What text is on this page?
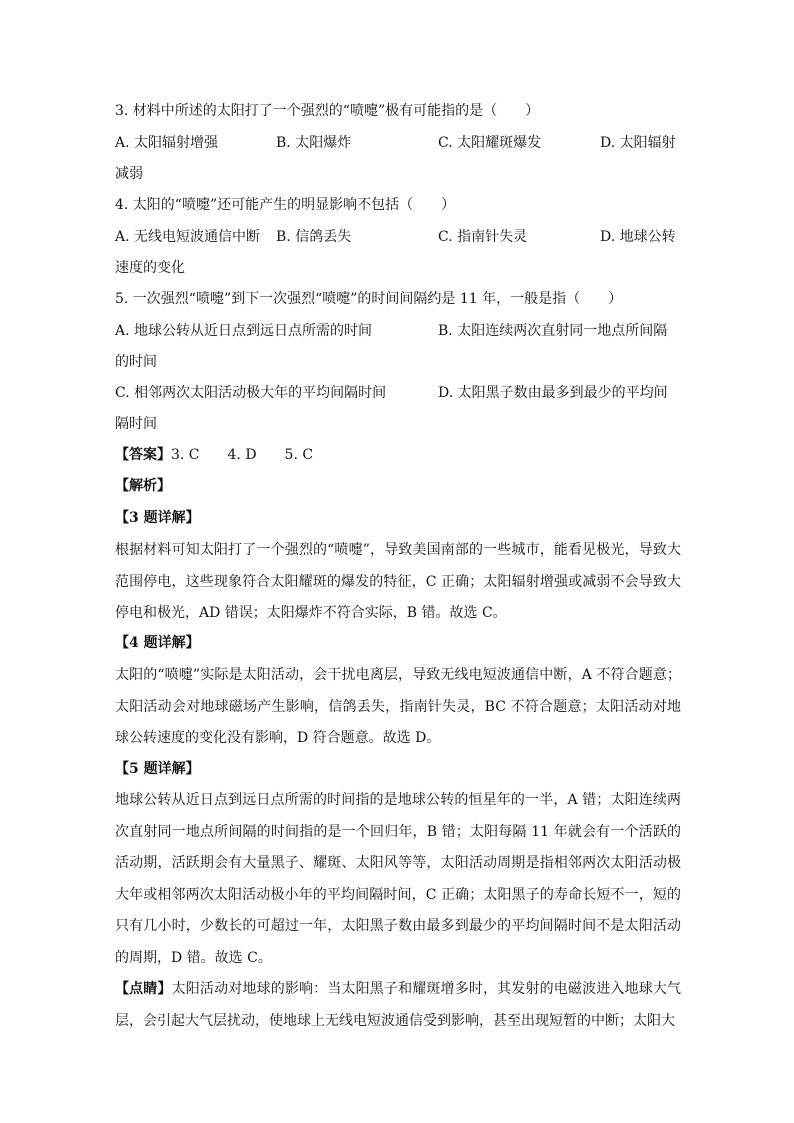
3. 材料中所述的太阳打了一个强烈的“喷嚏”极有可能指的是（　　）
A. 太阳辐射增强	B. 太阳爆炸	C. 太阳耀斑爆发	D. 太阳辐射
减弱
4. 太阳的“喷嚏”还可能产生的明显影响不包括（　　）
A. 无线电短波通信中断 B. 信鸽丢失	C. 指南针失灵	D. 地球公转
速度的变化
5. 一次强烈“喷嚏”到下一次强烈“喷嚏”的时间间隔约是 11 年，一般是指（　　）
A. 地球公转从近日点到远日点所需的时间	B. 太阳连续两次直射同一地点所间隔
的时间
C. 相邻两次太阳活动极大年的平均间隔时间	D. 太阳黑子数由最多到最少的平均间
隔时间
【答案】3. C　　4. D　　5. C
【解析】
【3 题详解】
根据材料可知太阳打了一个强烈的“喷嚏”，导致美国南部的一些城市，能看见极光，导致大范围停电，这些现象符合太阳耀斑的爆发的特征，C 正确；太阳辐射增强或减弱不会导致大停电和极光，AD 错误；太阳爆炸不符合实际，B 错。故选 C。
【4 题详解】
太阳的“喷嚏”实际是太阳活动，会干扰电离层，导致无线电短波通信中断，A 不符合题意；太阳活动会对地球磁场产生影响，信鸽丢失，指南针失灵，BC 不符合题意；太阳活动对地球公转速度的变化没有影响，D 符合题意。故选 D。
【5 题详解】
地球公转从近日点到远日点所需的时间指的是地球公转的恒星年的一半，A 错；太阳连续两次直射同一地点所间隔的时间指的是一个回归年，B 错；太阳每隔 11 年就会有一个活跃的活动期，活跃期会有大量黑子、耀斑、太阳风等等，太阳活动周期是指相邻两次太阳活动极大年或相邻两次太阳活动极小年的平均间隔时间，C 正确；太阳黑子的寿命长短不一，短的只有几小时，少数长的可超过一年，太阳黑子数由最多到最少的平均间隔时间不是太阳活动的周期，D 错。故选 C。
【点睛】太阳活动对地球的影响：当太阳黑子和耀斑增多时，其发射的电磁波进入地球大气层，会引起大气层扰动，使地球上无线电短波通信受到影响，甚至出现短暂的中断；太阳大
